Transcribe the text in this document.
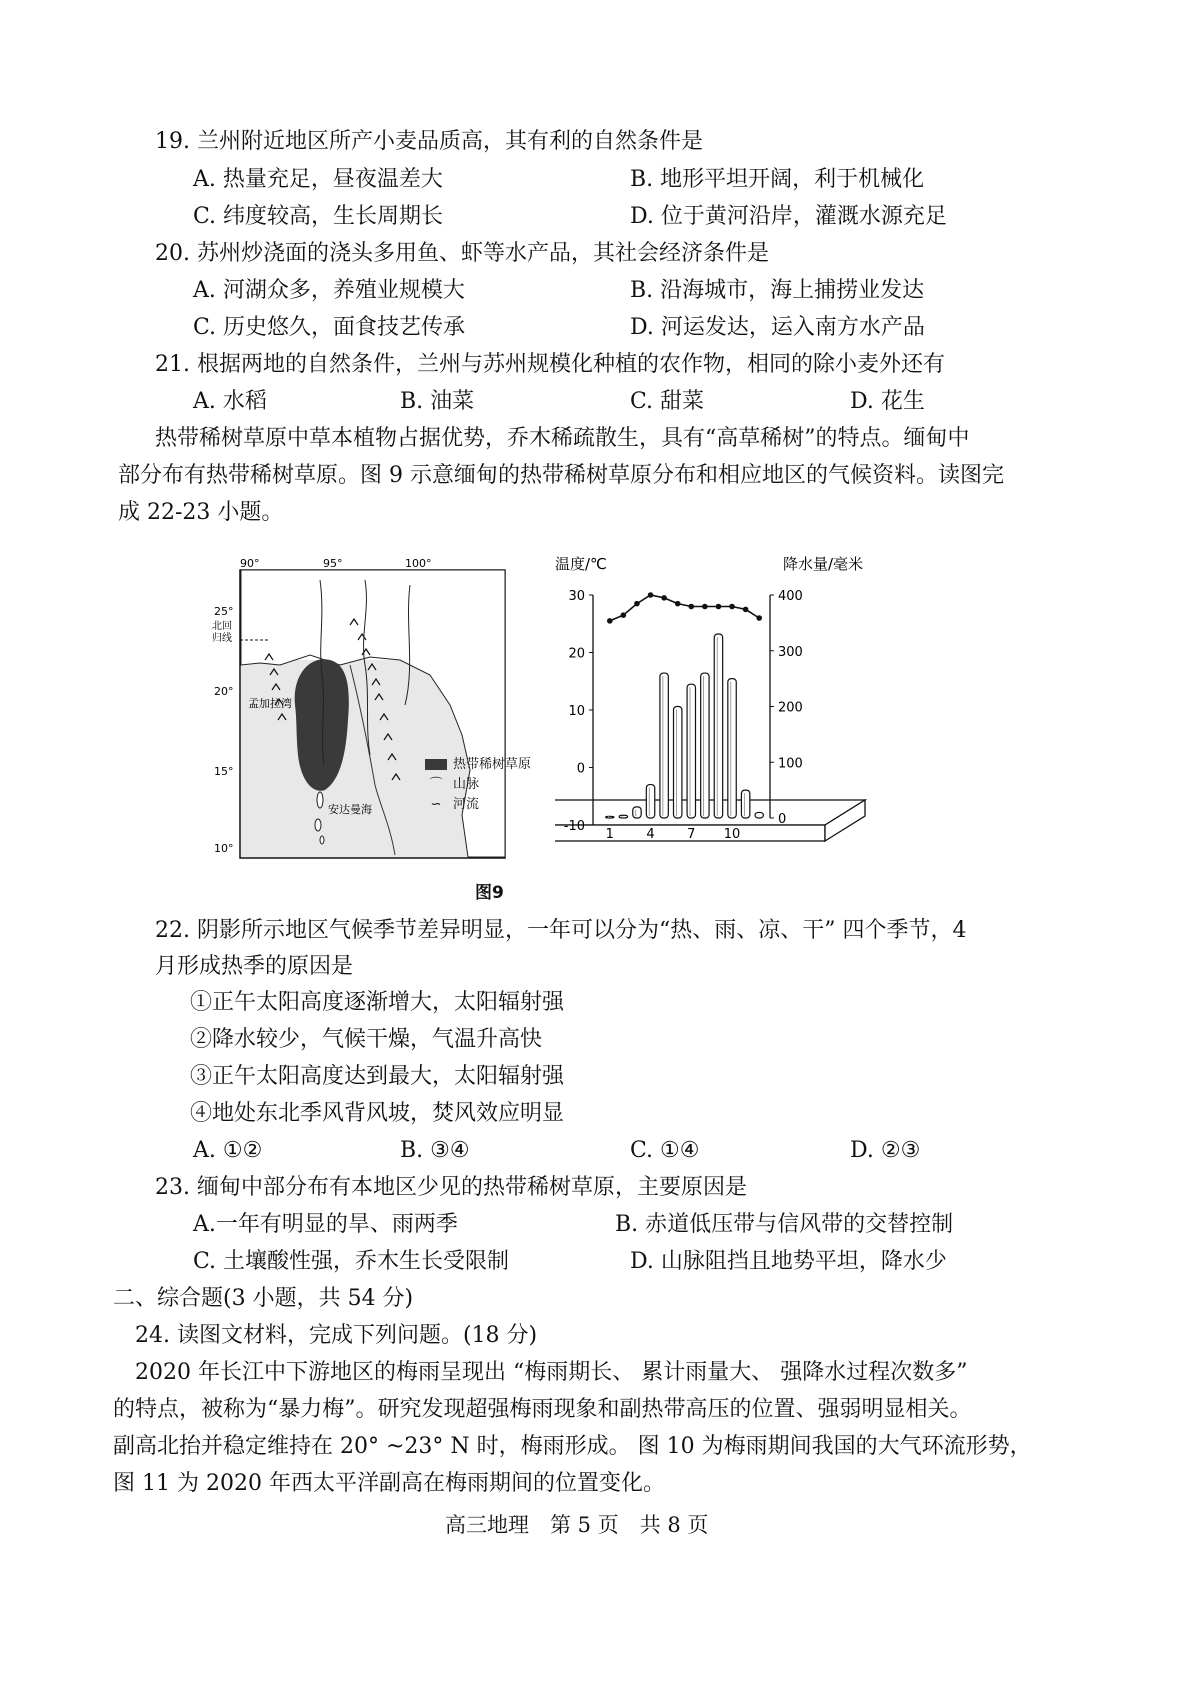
19. 兰州附近地区所产小麦品质高，其有利的自然条件是
A. 热量充足，昼夜温差大	B. 地形平坦开阔，利于机械化
C. 纬度较高，生长周期长	D. 位于黄河沿岸，灌溉水源充足
20. 苏州炒浇面的浇头多用鱼、虾等水产品，其社会经济条件是
A. 河湖众多，养殖业规模大	B. 沿海城市，海上捕捞业发达
C. 历史悠久，面食技艺传承	D. 河运发达，运入南方水产品
21. 根据两地的自然条件，兰州与苏州规模化种植的农作物，相同的除小麦外还有
A. 水稻	B. 油菜	C. 甜菜	D. 花生
热带稀树草原中草本植物占据优势，乔木稀疏散生，具有“高草稀树”的特点。缅甸中
部分布有热带稀树草原。图 9 示意缅甸的热带稀树草原分布和相应地区的气候资料。读图完
成 22-23 小题。
90°	95°	100°
25°
北回
归线
20°
15°
10°
孟加拉湾
安达曼海
热带稀树草原
⌒ 山脉
∽ 河流
温度/℃	降水量/毫米
30
20
10
0
-10
400
300
200
100
0
1 4 7 10
图9
22. 阴影所示地区气候季节差异明显，一年可以分为“热、雨、凉、干” 四个季节，4
月形成热季的原因是
①正午太阳高度逐渐增大，太阳辐射强
②降水较少，气候干燥，气温升高快
③正午太阳高度达到最大，太阳辐射强
④地处东北季风背风坡，焚风效应明显
A. ①②	B. ③④	C. ①④	D. ②③
23. 缅甸中部分布有本地区少见的热带稀树草原，主要原因是
A.一年有明显的旱、雨两季	B. 赤道低压带与信风带的交替控制
C. 土壤酸性强，乔木生长受限制	D. 山脉阻挡且地势平坦，降水少
二、综合题(3 小题，共 54 分)
24. 读图文材料，完成下列问题。(18 分)
2020 年长江中下游地区的梅雨呈现出 “梅雨期长、 累计雨量大、 强降水过程次数多”
的特点，被称为“暴力梅”。研究发现超强梅雨现象和副热带高压的位置、强弱明显相关。
副高北抬并稳定维持在 20° ~23° N 时，梅雨形成。 图 10 为梅雨期间我国的大气环流形势，
图 11 为 2020 年西太平洋副高在梅雨期间的位置变化。
高三地理　第 5 页　共 8 页
